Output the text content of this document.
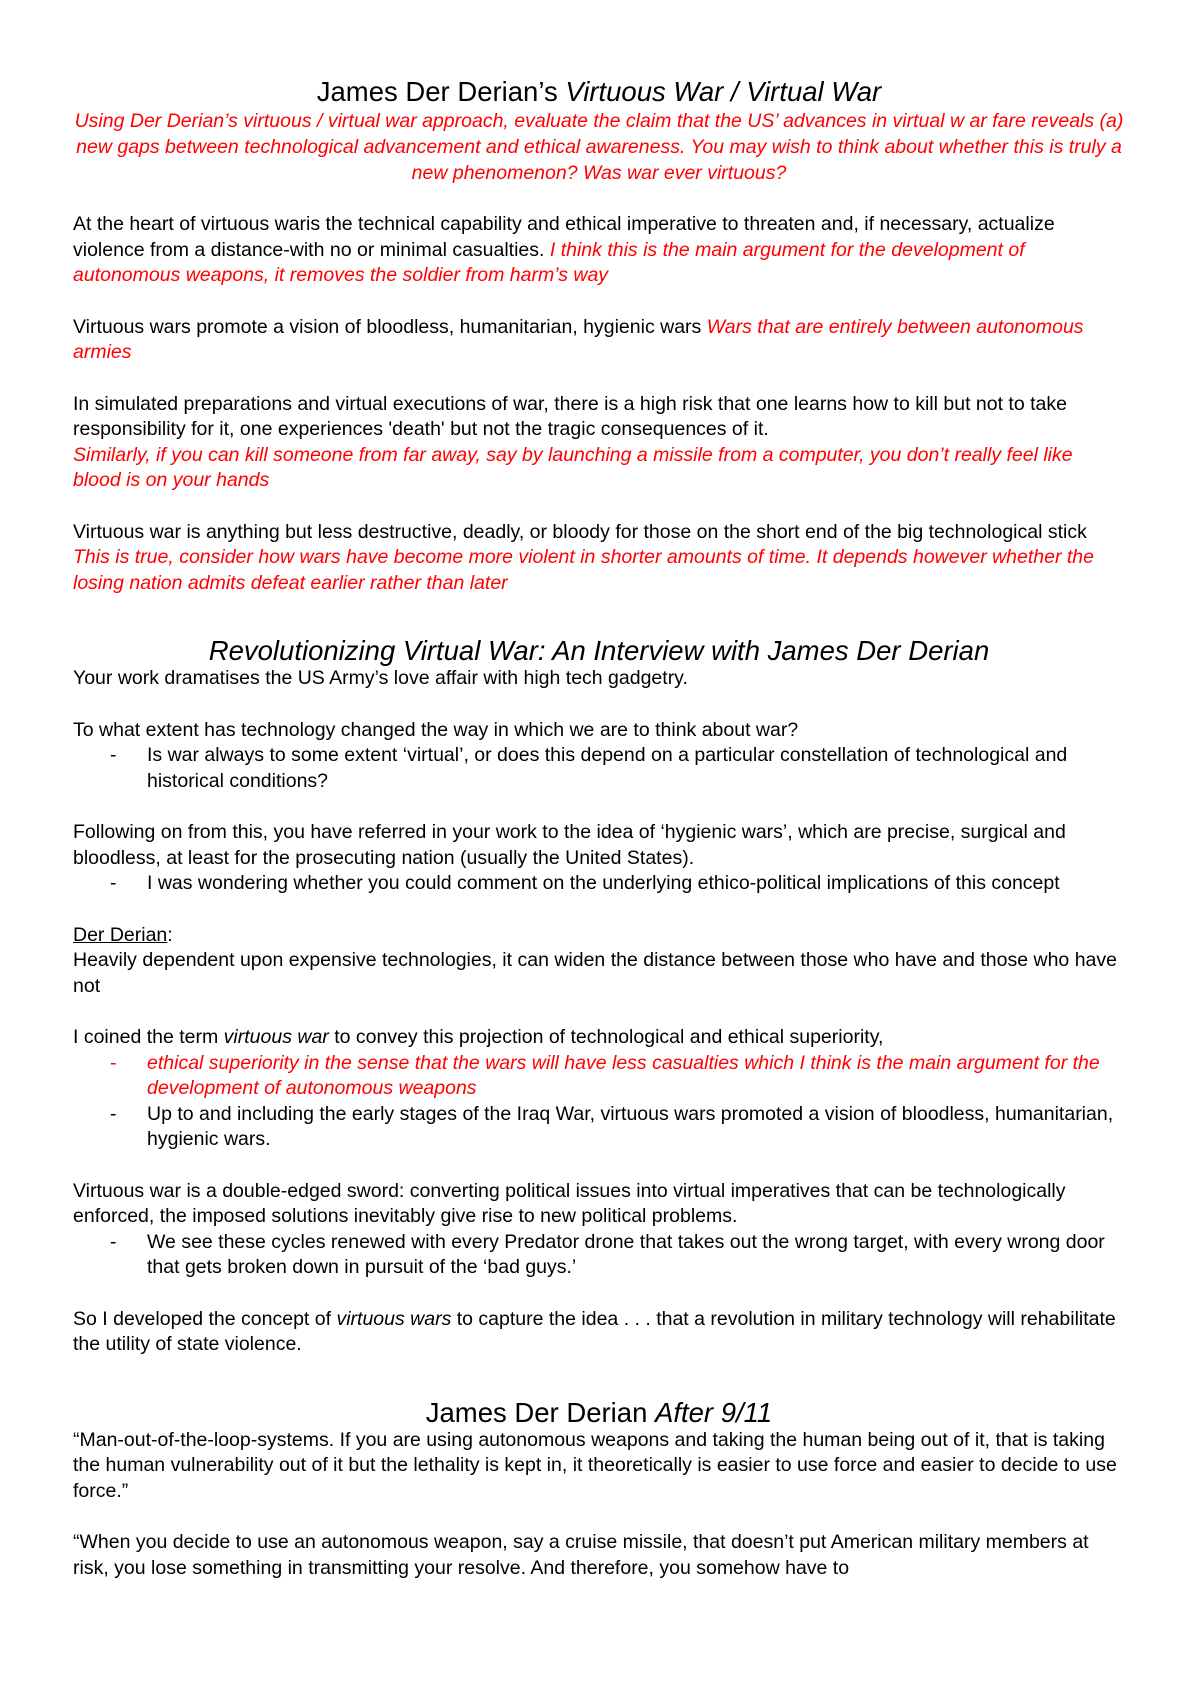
James Der Derian’s Virtuous War / Virtual War

Using Der Derian’s virtuous / virtual war approach, evaluate the claim that the US’ advances in virtual w ar fare reveals (a) new gaps between technological advancement and ethical awareness. You may wish to think about whether this is truly a new phenomenon? Was war ever virtuous?

At the heart of virtuous waris the technical capability and ethical imperative to threaten and, if necessary, actualize violence from a distance-with no or minimal casualties. I think this is the main argument for the development of autonomous weapons, it removes the soldier from harm’s way

Virtuous wars promote a vision of bloodless, humanitarian, hygienic wars Wars that are entirely between autonomous armies

In simulated preparations and virtual executions of war, there is a high risk that one learns how to kill but not to take responsibility for it, one experiences 'death' but not the tragic consequences of it.

Similarly, if you can kill someone from far away, say by launching a missile from a computer, you don’t really feel like blood is on your hands

Virtuous war is anything but less destructive, deadly, or bloody for those on the short end of the big technological stick This is true, consider how wars have become more violent in shorter amounts of time. It depends however whether the losing nation admits defeat earlier rather than later

Revolutionizing Virtual War: An Interview with James Der Derian

Your work dramatises the US Army’s love affair with high tech gadgetry.

To what extent has technology changed the way in which we are to think about war?

- Is war always to some extent ‘virtual’, or does this depend on a particular constellation of technological and historical conditions?

Following on from this, you have referred in your work to the idea of ‘hygienic wars’, which are precise, surgical and bloodless, at least for the prosecuting nation (usually the United States).

- I was wondering whether you could comment on the underlying ethico-political implications of this concept

Der Derian:

Heavily dependent upon expensive technologies, it can widen the distance between those who have and those who have not

I coined the term virtuous war to convey this projection of technological and ethical superiority,

- ethical superiority in the sense that the wars will have less casualties which I think is the main argument for the development of autonomous weapons
- Up to and including the early stages of the Iraq War, virtuous wars promoted a vision of bloodless, humanitarian, hygienic wars.

Virtuous war is a double-edged sword: converting political issues into virtual imperatives that can be technologically enforced, the imposed solutions inevitably give rise to new political problems.

- We see these cycles renewed with every Predator drone that takes out the wrong target, with every wrong door that gets broken down in pursuit of the ‘bad guys.’

So I developed the concept of virtuous wars to capture the idea . . . that a revolution in military technology will rehabilitate the utility of state violence.

James Der Derian After 9/11

“Man-out-of-the-loop-systems. If you are using autonomous weapons and taking the human being out of it, that is taking the human vulnerability out of it but the lethality is kept in, it theoretically is easier to use force and easier to decide to use force.”

“When you decide to use an autonomous weapon, say a cruise missile, that doesn’t put American military members at risk, you lose something in transmitting your resolve. And therefore, you somehow have to
